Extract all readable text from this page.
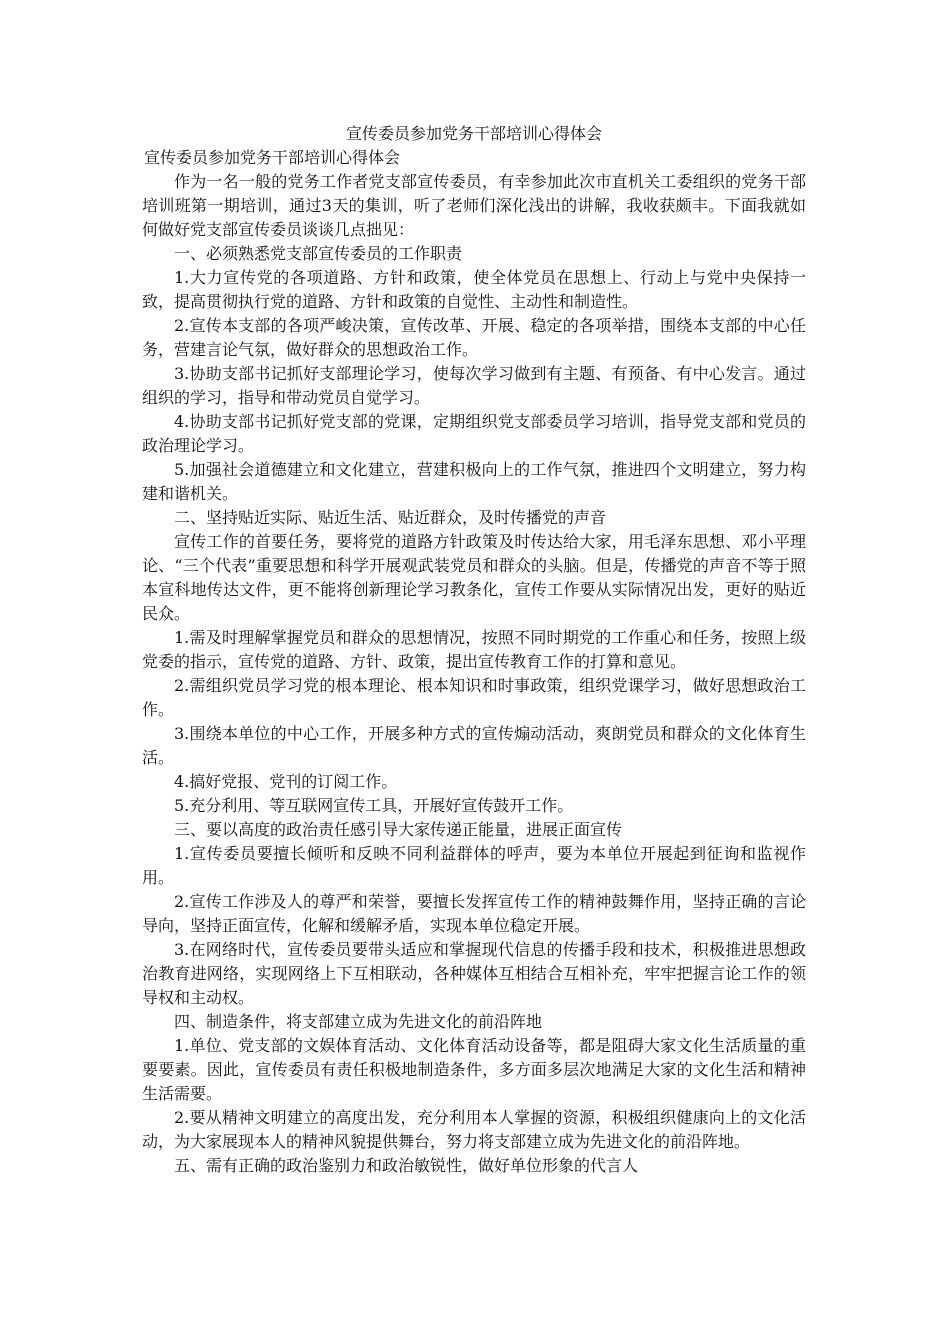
宣传委员参加党务干部培训心得体会
宣传委员参加党务干部培训心得体会

作为一名一般的党务工作者党支部宣传委员，有幸参加此次市直机关工委组织的党务干部培训班第一期培训，通过3天的集训，听了老师们深化浅出的讲解，我收获颇丰。下面我就如何做好党支部宣传委员谈谈几点拙见：

一、必须熟悉党支部宣传委员的工作职责

1.大力宣传党的各项道路、方针和政策，使全体党员在思想上、行动上与党中央保持一致，提高贯彻执行党的道路、方针和政策的自觉性、主动性和制造性。

2.宣传本支部的各项严峻决策，宣传改革、开展、稳定的各项举措，围绕本支部的中心任务，营建言论气氛，做好群众的思想政治工作。

3.协助支部书记抓好支部理论学习，使每次学习做到有主题、有预备、有中心发言。通过组织的学习，指导和带动党员自觉学习。

4.协助支部书记抓好党支部的党课，定期组织党支部委员学习培训，指导党支部和党员的政治理论学习。

5.加强社会道德建立和文化建立，营建积极向上的工作气氛，推进四个文明建立，努力构建和谐机关。

二、坚持贴近实际、贴近生活、贴近群众，及时传播党的声音

宣传工作的首要任务，要将党的道路方针政策及时传达给大家，用毛泽东思想、邓小平理论、“三个代表”重要思想和科学开展观武装党员和群众的头脑。但是，传播党的声音不等于照本宣科地传达文件，更不能将创新理论学习教条化，宣传工作要从实际情况出发，更好的贴近民众。

1.需及时理解掌握党员和群众的思想情况，按照不同时期党的工作重心和任务，按照上级党委的指示，宣传党的道路、方针、政策，提出宣传教育工作的打算和意见。

2.需组织党员学习党的根本理论、根本知识和时事政策，组织党课学习，做好思想政治工作。

3.围绕本单位的中心工作，开展多种方式的宣传煽动活动，爽朗党员和群众的文化体育生活。

4.搞好党报、党刊的订阅工作。

5.充分利用、等互联网宣传工具，开展好宣传鼓开工作。

三、要以高度的政治责任感引导大家传递正能量，进展正面宣传

1.宣传委员要擅长倾听和反映不同利益群体的呼声，要为本单位开展起到征询和监视作用。

2.宣传工作涉及人的尊严和荣誉，要擅长发挥宣传工作的精神鼓舞作用，坚持正确的言论导向，坚持正面宣传，化解和缓解矛盾，实现本单位稳定开展。

3.在网络时代，宣传委员要带头适应和掌握现代信息的传播手段和技术，积极推进思想政治教育进网络，实现网络上下互相联动，各种媒体互相结合互相补充，牢牢把握言论工作的领导权和主动权。

四、制造条件，将支部建立成为先进文化的前沿阵地

1.单位、党支部的文娱体育活动、文化体育活动设备等，都是阻碍大家文化生活质量的重要要素。因此，宣传委员有责任积极地制造条件，多方面多层次地满足大家的文化生活和精神生活需要。

2.要从精神文明建立的高度出发，充分利用本人掌握的资源，积极组织健康向上的文化活动，为大家展现本人的精神风貌提供舞台，努力将支部建立成为先进文化的前沿阵地。

五、需有正确的政治鉴别力和政治敏锐性，做好单位形象的代言人
